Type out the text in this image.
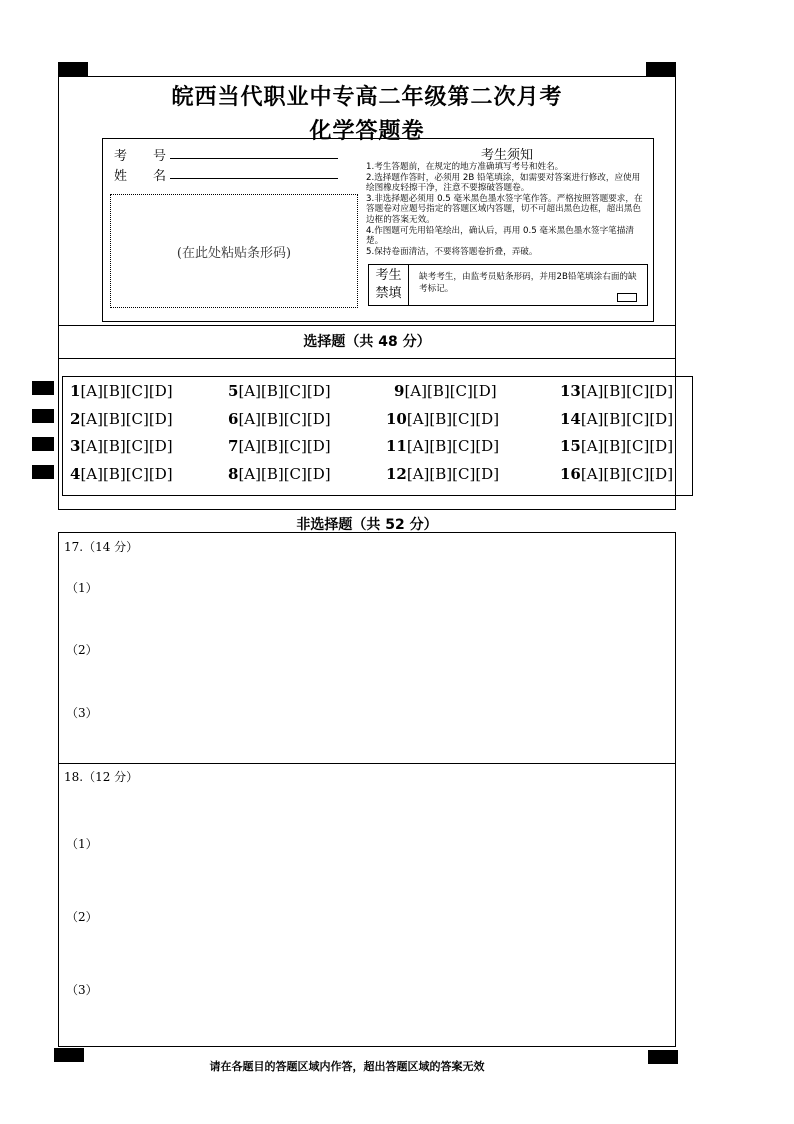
皖西当代职业中专高二年级第二次月考
化学答题卷
考　　号
姓　　名
(在此处粘贴条形码)
考生须知

1.考生答题前，在规定的地方准确填写考号和姓名。

2.选择题作答时，必须用 2B 铅笔填涂，如需要对答案进行修改，应使用绘图橡皮轻擦干净，注意不要擦破答题卷。

3.非选择题必须用 0.5 毫米黑色墨水签字笔作答。严格按照答题要求，在答题卷对应题号指定的答题区域内答题，切不可超出黑色边框，超出黑色边框的答案无效。

4.作图题可先用铅笔绘出，确认后，再用 0.5 毫米黑色墨水签字笔描清楚。

5.保持卷面清洁，不要将答题卷折叠，弄破。

考生
禁填
缺考考生，由监考员贴条形码，并用2B铅笔填涂右面的缺考标记。
选择题（共 48 分）
1[A][B][C][D]
2[A][B][C][D]
3[A][B][C][D]
4[A][B][C][D]
5[A][B][C][D]
6[A][B][C][D]
7[A][B][C][D]
8[A][B][C][D]
9[A][B][C][D]
10[A][B][C][D]
11[A][B][C][D]
12[A][B][C][D]
13[A][B][C][D]
14[A][B][C][D]
15[A][B][C][D]
16[A][B][C][D]
非选择题（共 52 分）
17.（14 分）
（1）
（2）
（3）
18.（12 分）
（1）
（2）
（3）
请在各题目的答题区域内作答，超出答题区域的答案无效
